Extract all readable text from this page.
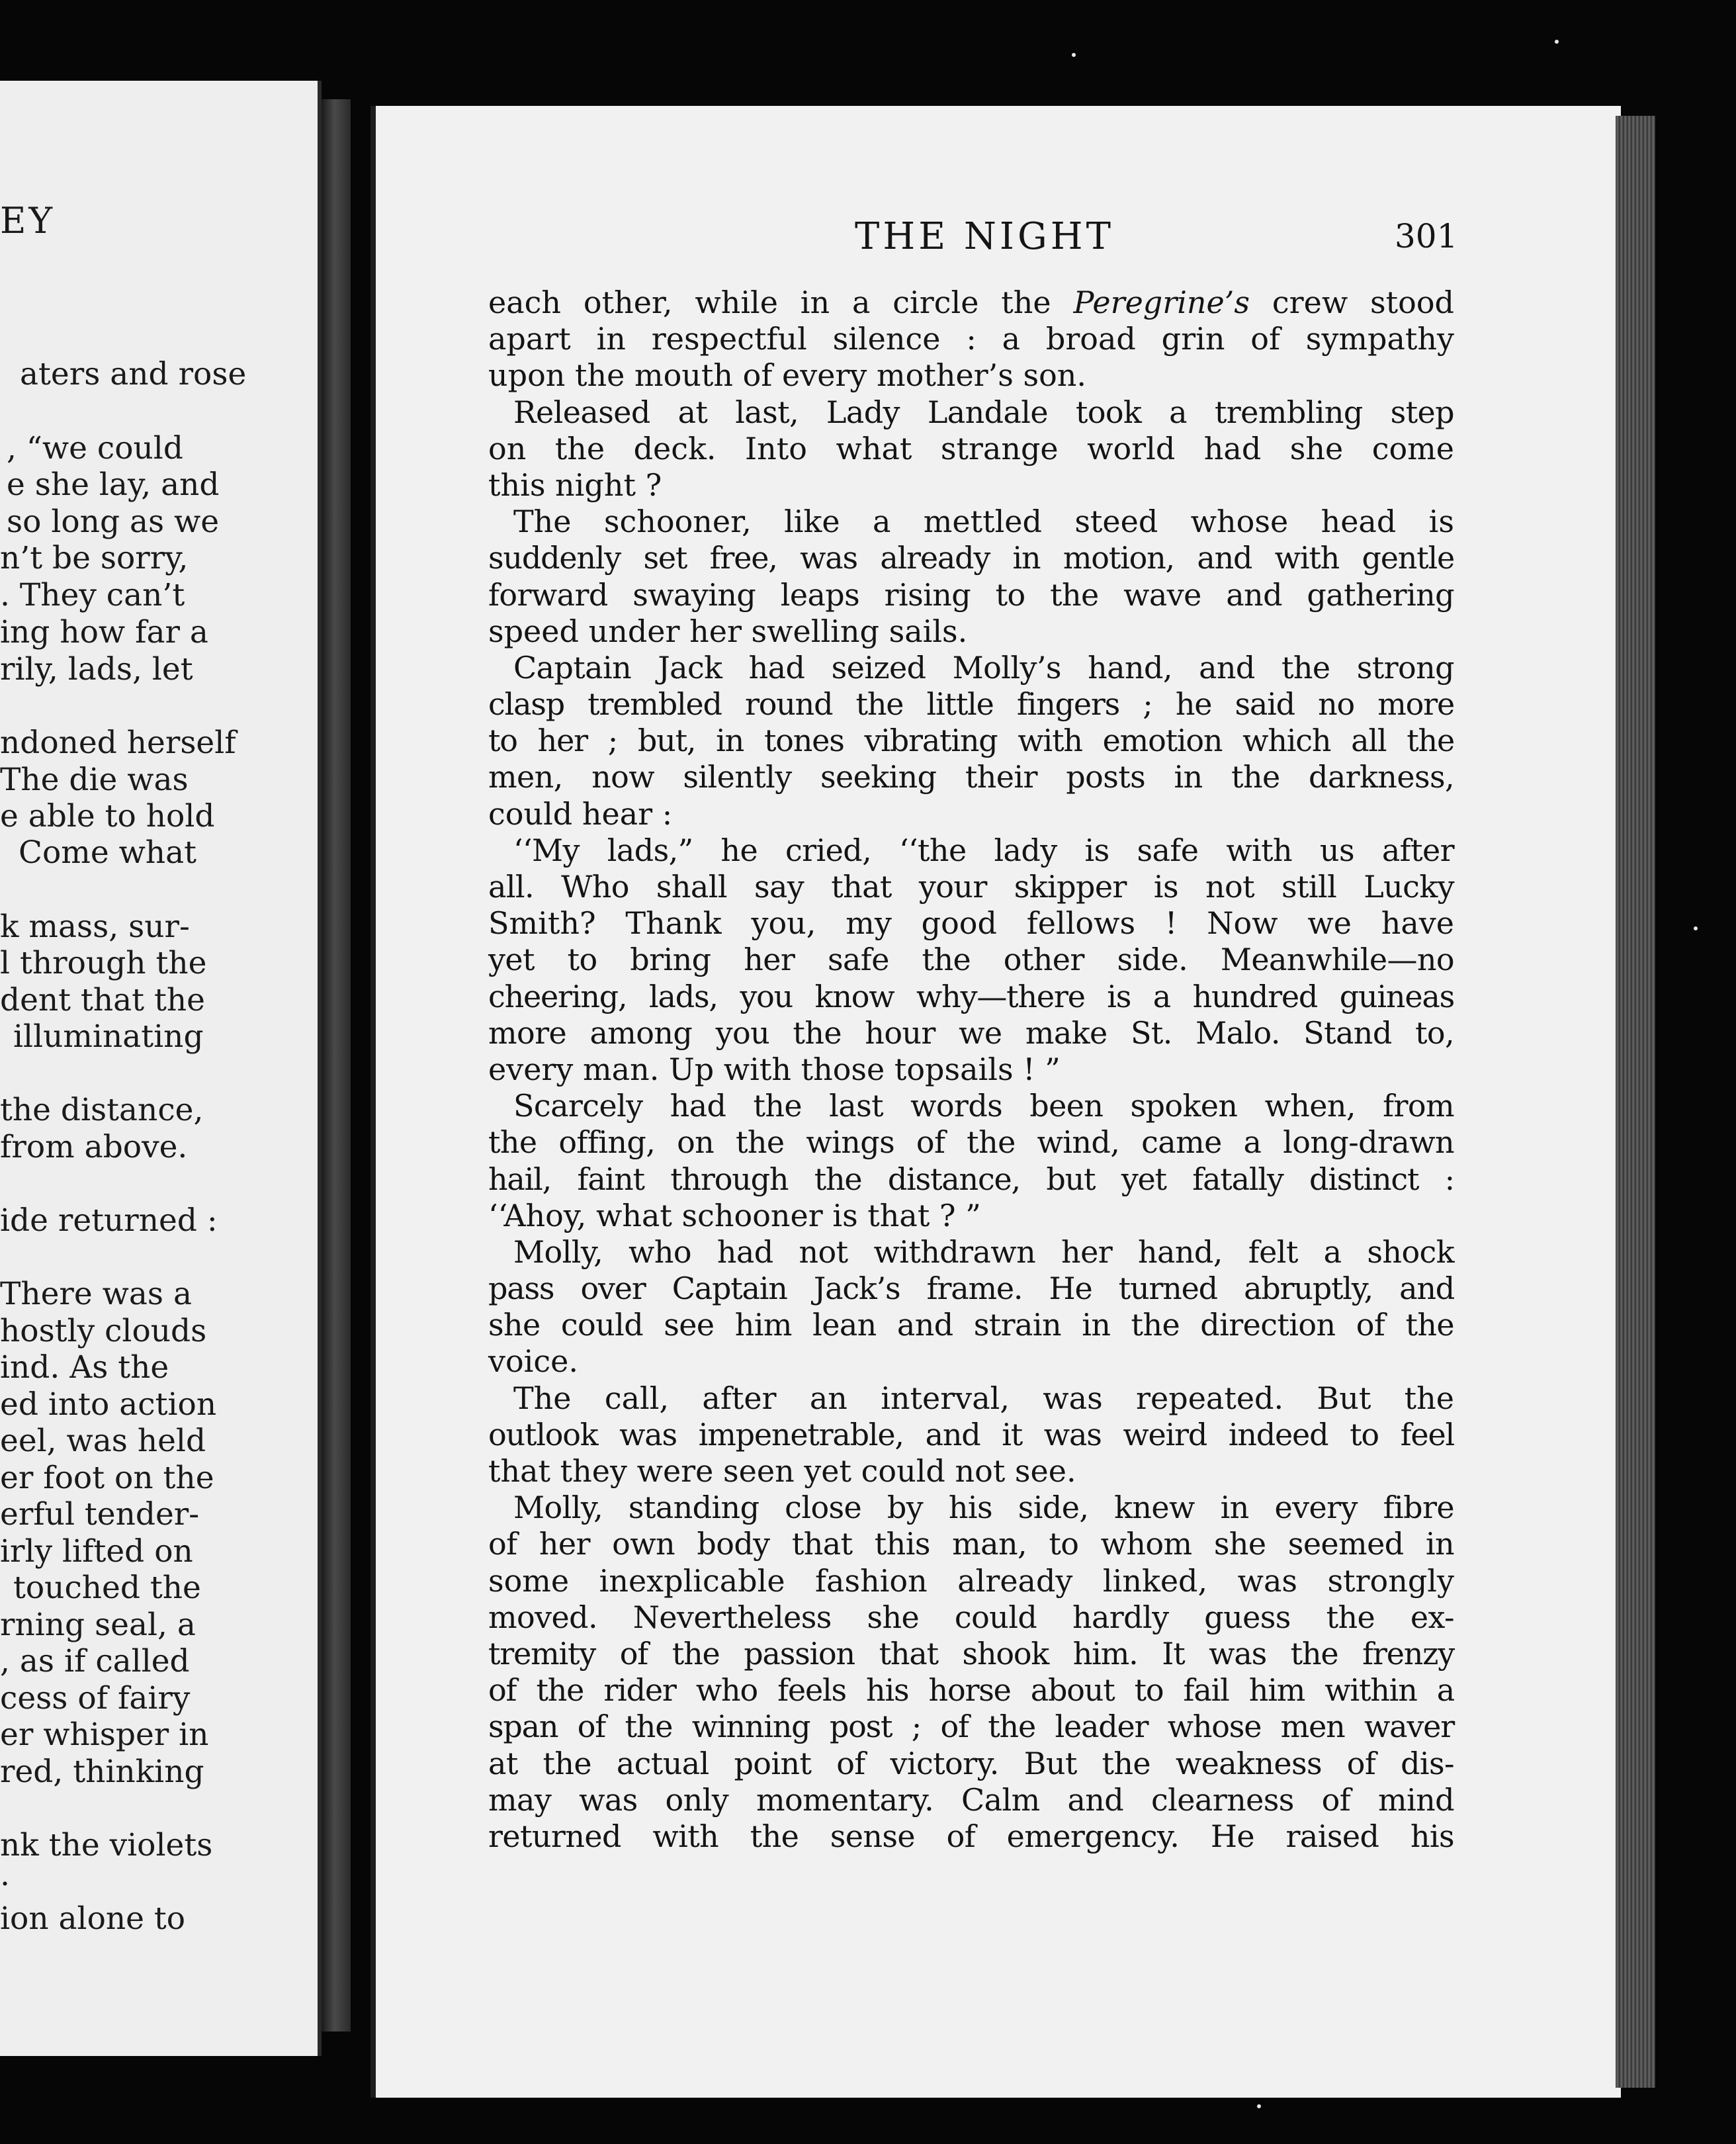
EY
aters and rose
, “we could
e she lay, and
so long as we
n’t be sorry,
. They can’t
ing how far a
rily, lads, let
ndoned herself
The die was
e able to hold
Come what
k mass, sur-
l through the
dent that the
illuminating
the distance,
from above.
ide returned :
There was a
hostly clouds
ind. As the
ed into action
eel, was held
er foot on the
erful tender-
irly lifted on
touched the
rning seal, a
, as if called
cess of fairy
er whisper in
red, thinking
nk the violets
.
ion alone to
THE NIGHT	301
each other, while in a circle the Peregrine’s crew stood
apart in respectful silence : a broad grin of sympathy
upon the mouth of every mother’s son.
Released at last, Lady Landale took a trembling step
on the deck. Into what strange world had she come
this night ?
The schooner, like a mettled steed whose head is
suddenly set free, was already in motion, and with gentle
forward swaying leaps rising to the wave and gathering
speed under her swelling sails.
Captain Jack had seized Molly’s hand, and the strong
clasp trembled round the little fingers ; he said no more
to her ; but, in tones vibrating with emotion which all the
men, now silently seeking their posts in the darkness,
could hear :
‘‘My lads,” he cried, ‘‘the lady is safe with us after
all. Who shall say that your skipper is not still Lucky
Smith? Thank you, my good fellows ! Now we have
yet to bring her safe the other side. Meanwhile—no
cheering, lads, you know why—there is a hundred guineas
more among you the hour we make St. Malo. Stand to,
every man. Up with those topsails ! ”
Scarcely had the last words been spoken when, from
the offing, on the wings of the wind, came a long-drawn
hail, faint through the distance, but yet fatally distinct :
‘‘Ahoy, what schooner is that ? ”
Molly, who had not withdrawn her hand, felt a shock
pass over Captain Jack’s frame. He turned abruptly, and
she could see him lean and strain in the direction of the
voice.
The call, after an interval, was repeated. But the
outlook was impenetrable, and it was weird indeed to feel
that they were seen yet could not see.
Molly, standing close by his side, knew in every fibre
of her own body that this man, to whom she seemed in
some inexplicable fashion already linked, was strongly
moved. Nevertheless she could hardly guess the ex-
tremity of the passion that shook him. It was the frenzy
of the rider who feels his horse about to fail him within a
span of the winning post ; of the leader whose men waver
at the actual point of victory. But the weakness of dis-
may was only momentary. Calm and clearness of mind
returned with the sense of emergency. He raised his
